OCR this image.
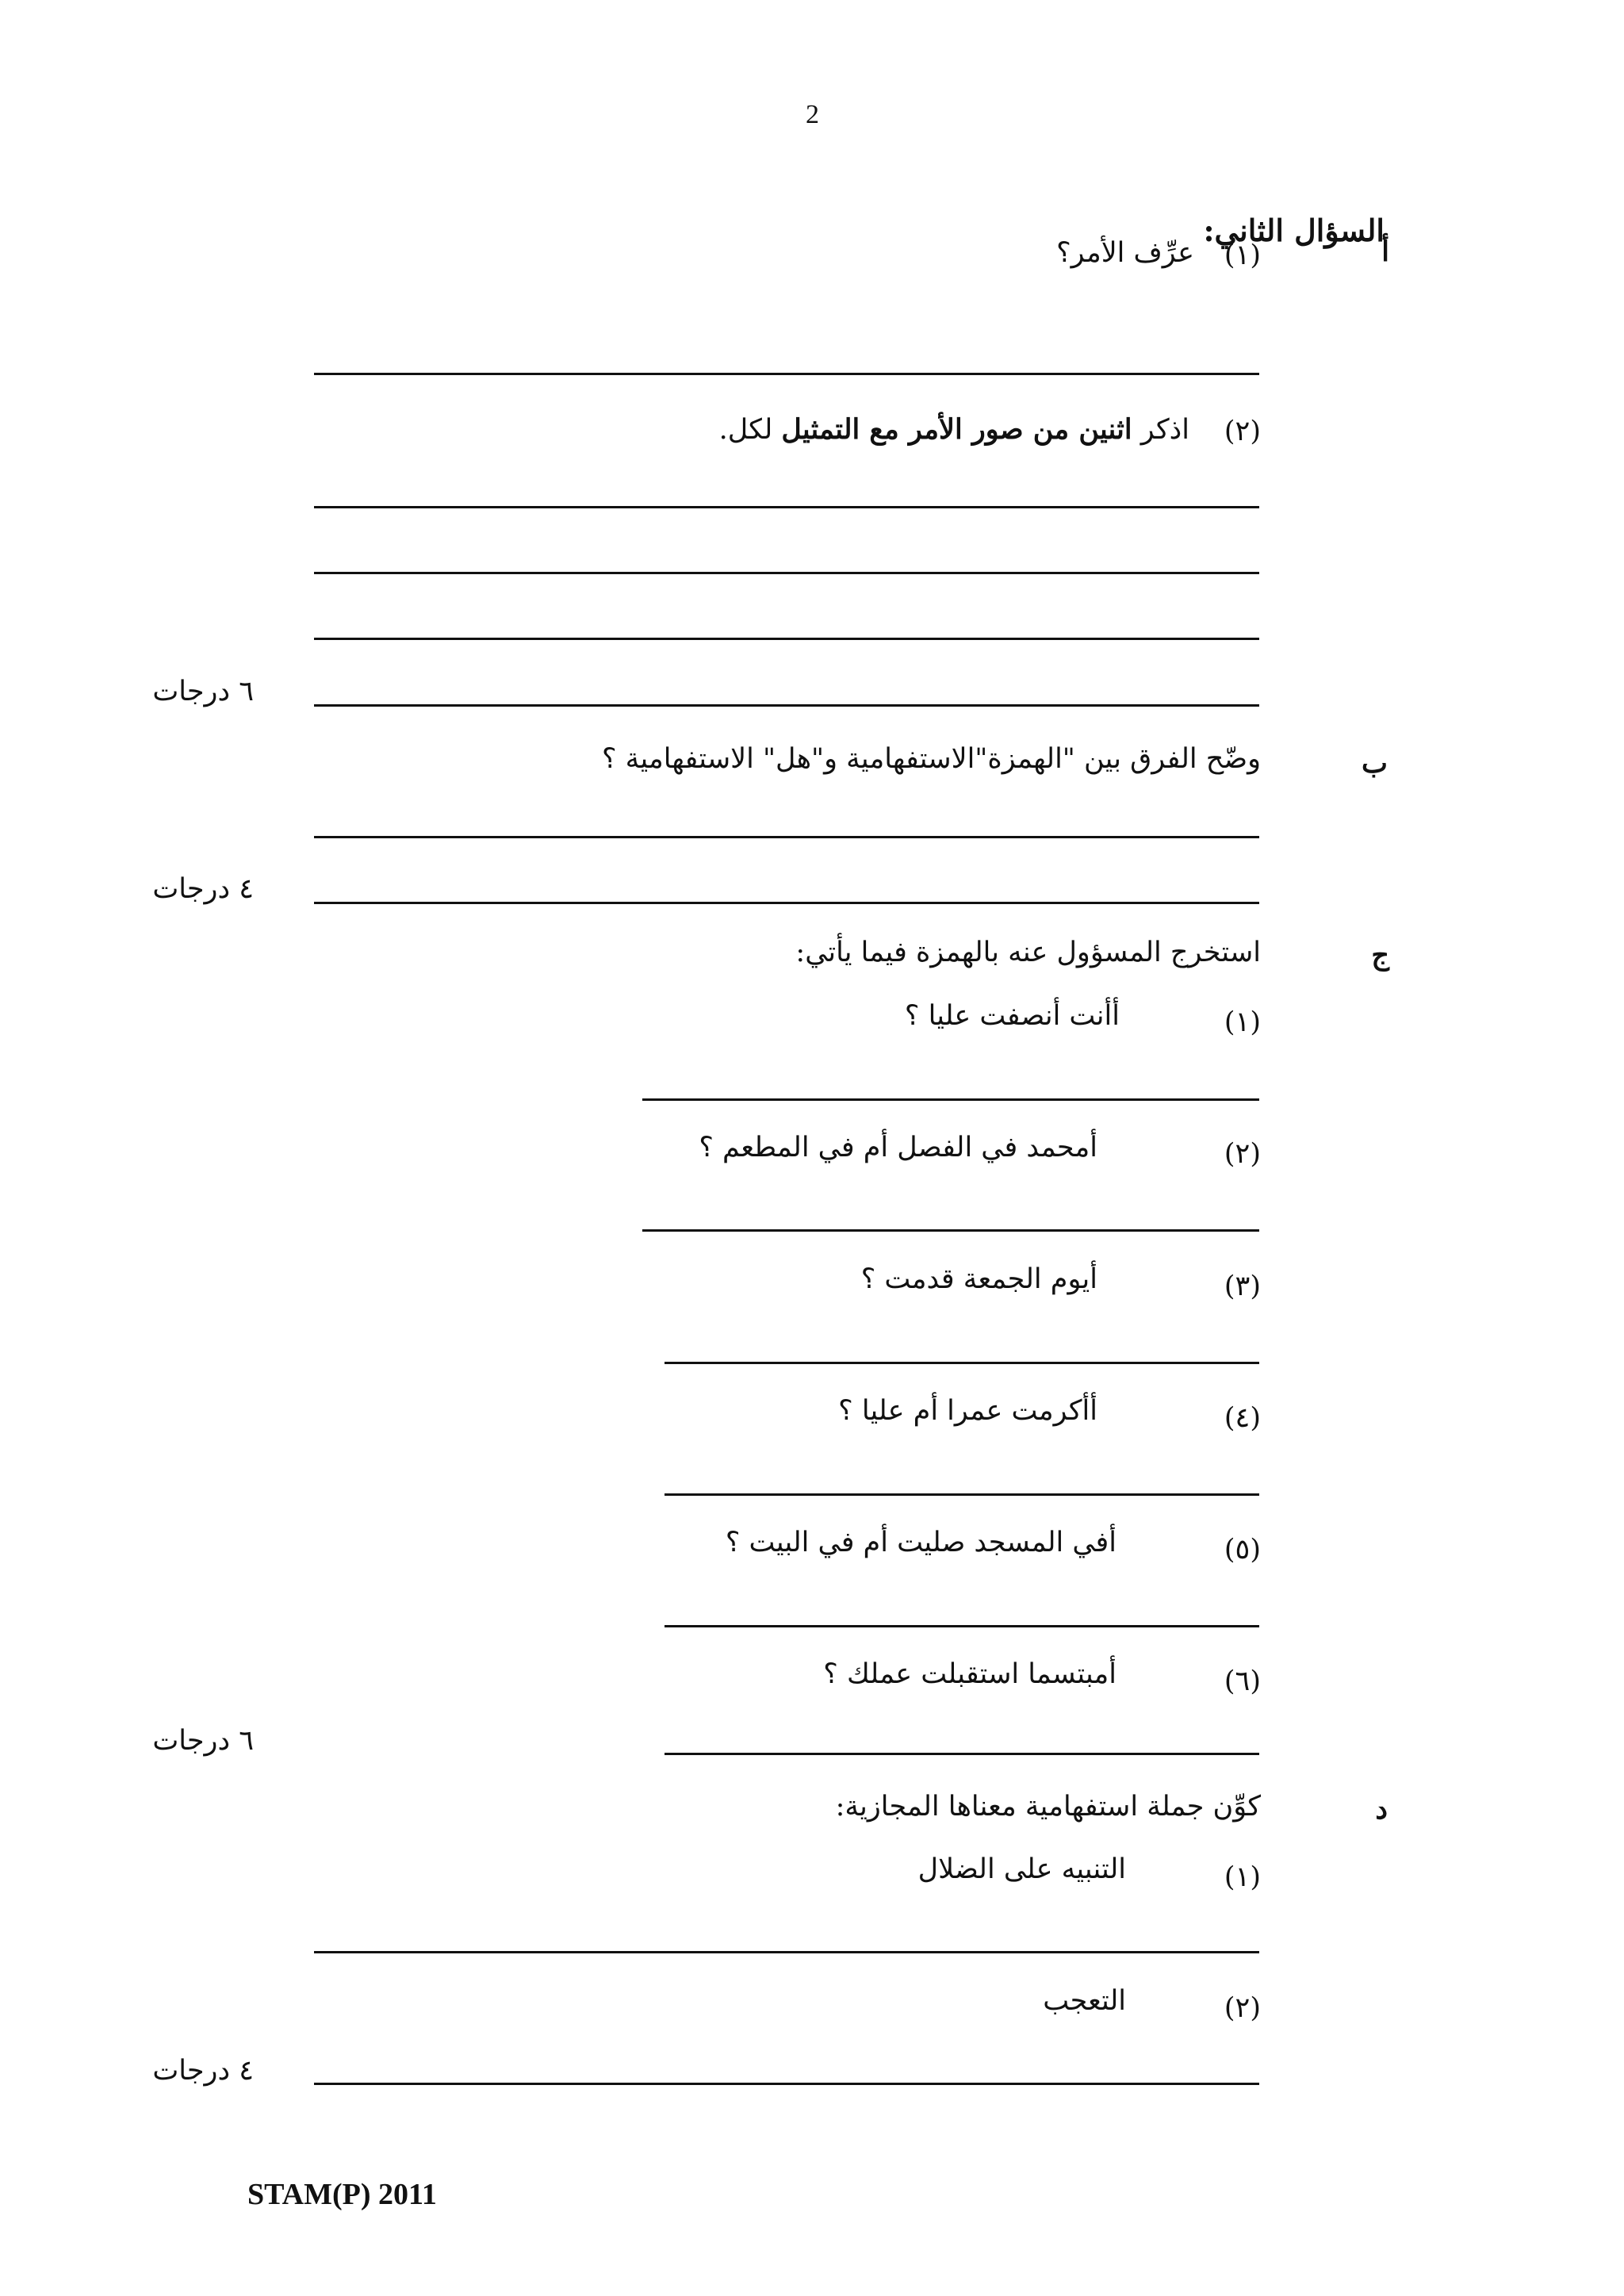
2
السؤال الثاني:
أ
(١)
عرِّف الأمر؟
(٢)
اذكر اثنين من صور الأمر مع التمثيل لكل.
٦ درجات
ب
وضّح الفرق بين "الهمزة"الاستفهامية و"هل" الاستفهامية ؟
٤ درجات
ج
استخرج المسؤول عنه بالهمزة فيما يأتي:
(١)
أأنت أنصفت عليا ؟
(٢)
أمحمد في الفصل أم في المطعم ؟
(٣)
أيوم الجمعة قدمت ؟
(٤)
أأكرمت عمرا أم عليا ؟
(٥)
أفي المسجد صليت أم في البيت ؟
(٦)
أمبتسما استقبلت عملك ؟
٦ درجات
د
كوِّن جملة استفهامية معناها المجازية:
(١)
التنبيه على الضلال
(٢)
التعجب
٤ درجات
STAM(P) 2011
